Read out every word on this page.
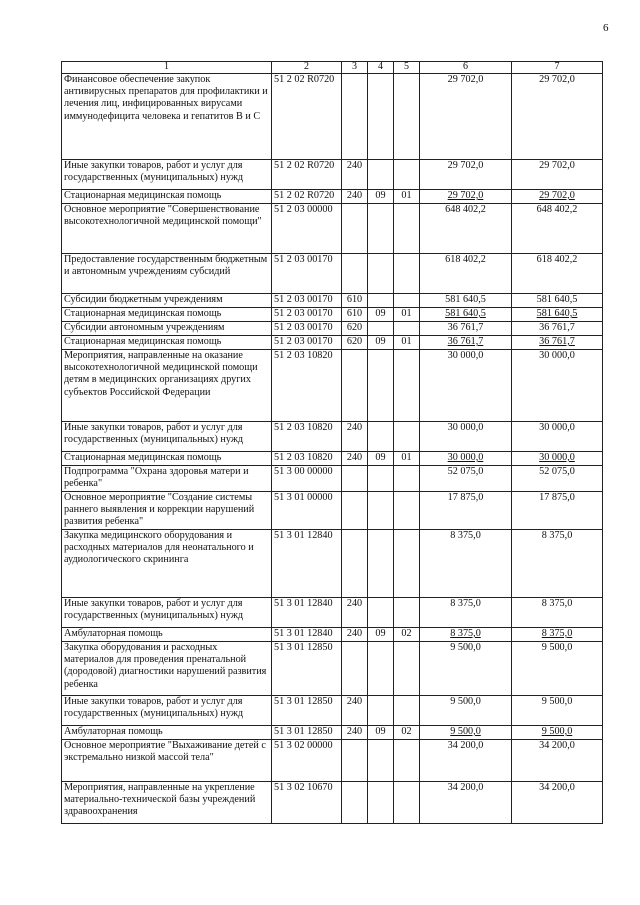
6
1	2	3	4	5	6	7
Финансовое обеспечение закупок антивирусных препаратов для профилактики и лечения лиц, инфицированных вирусами иммунодефицита человека и гепатитов В и С	51 2 02 R0720				29 702,0	29 702,0
Иные закупки товаров, работ и услуг для государственных (муниципальных) нужд	51 2 02 R0720	240			29 702,0	29 702,0
Стационарная медицинская помощь	51 2 02 R0720	240	09	01	29 702,0	29 702,0
Основное мероприятие "Совершенствование высокотехнологичной медицинской помощи"	51 2 03 00000				648 402,2	648 402,2
Предоставление государственным бюджетным и автономным учреждениям субсидий	51 2 03 00170				618 402,2	618 402,2
Субсидии бюджетным учреждениям	51 2 03 00170	610			581 640,5	581 640,5
Стационарная медицинская помощь	51 2 03 00170	610	09	01	581 640,5	581 640,5
Субсидии автономным учреждениям	51 2 03 00170	620			36 761,7	36 761,7
Стационарная медицинская помощь	51 2 03 00170	620	09	01	36 761,7	36 761,7
Мероприятия, направленные на оказание высокотехнологичной медицинской помощи детям в медицинских организациях других субъектов Российской Федерации	51 2 03 10820				30 000,0	30 000,0
Иные закупки товаров, работ и услуг для государственных (муниципальных) нужд	51 2 03 10820	240			30 000,0	30 000,0
Стационарная медицинская помощь	51 2 03 10820	240	09	01	30 000,0	30 000,0
Подпрограмма "Охрана здоровья матери и ребенка"	51 3 00 00000				52 075,0	52 075,0
Основное мероприятие "Создание системы раннего выявления и коррекции нарушений развития ребенка"	51 3 01 00000				17 875,0	17 875,0
Закупка медицинского оборудования и расходных материалов для неонатального и аудиологического скрининга	51 3 01 12840				8 375,0	8 375,0
Иные закупки товаров, работ и услуг для государственных (муниципальных) нужд	51 3 01 12840	240			8 375,0	8 375,0
Амбулаторная помощь	51 3 01 12840	240	09	02	8 375,0	8 375,0
Закупка оборудования и расходных материалов для проведения пренатальной (дородовой) диагностики нарушений развития ребенка	51 3 01 12850				9 500,0	9 500,0
Иные закупки товаров, работ и услуг для государственных (муниципальных) нужд	51 3 01 12850	240			9 500,0	9 500,0
Амбулаторная помощь	51 3 01 12850	240	09	02	9 500,0	9 500,0
Основное мероприятие "Выхаживание детей с экстремально низкой массой тела"	51 3 02 00000				34 200,0	34 200,0
Мероприятия, направленные на укрепление материально-технической базы учреждений здравоохранения	51 3 02 10670				34 200,0	34 200,0
